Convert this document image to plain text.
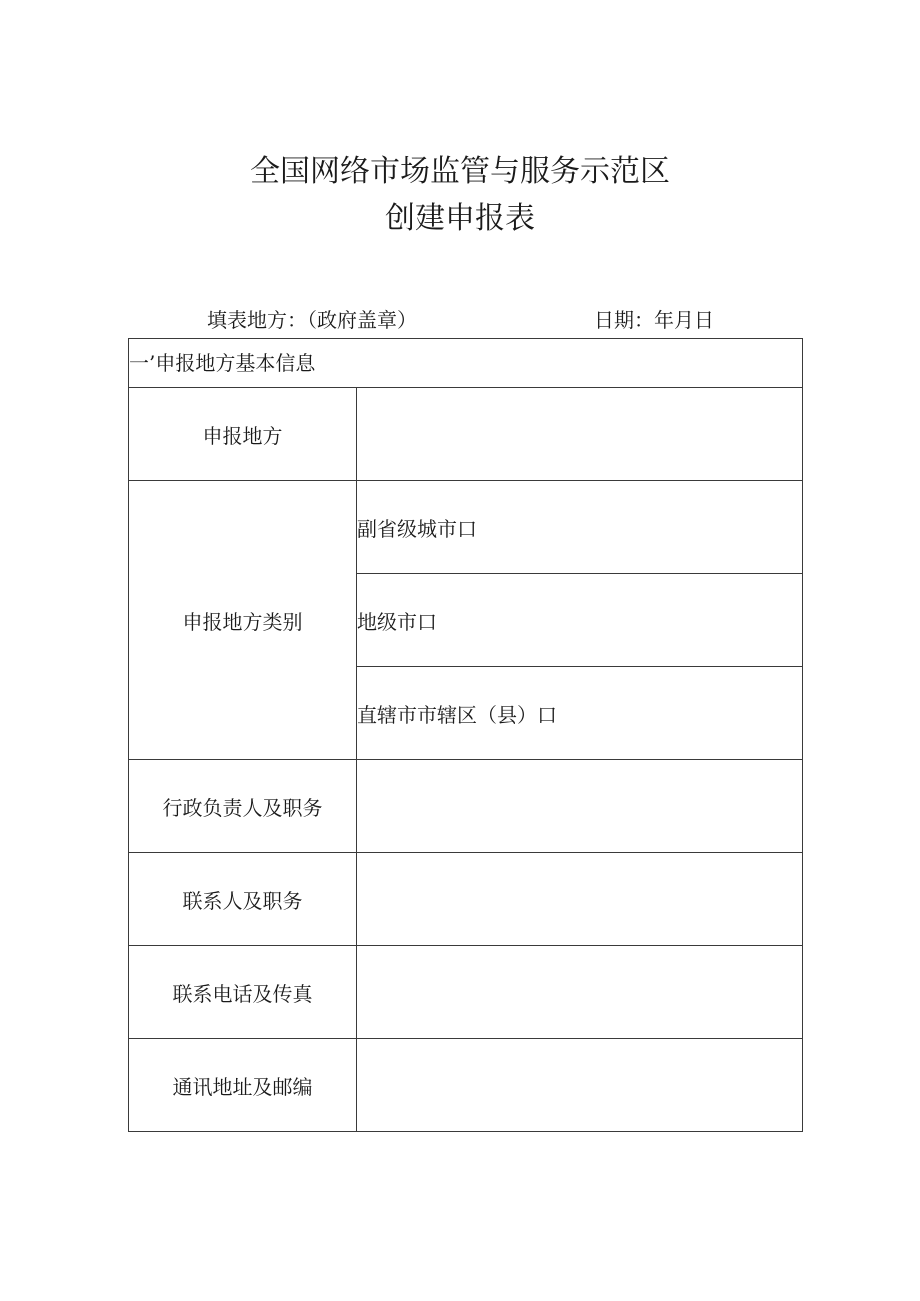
全国网络市场监管与服务示范区
创建申报表
填表地方：（政府盖章）	日期：年月日
一’申报地方基本信息	
申报地方	
申报地方类别	副省级城市口
	地级市口
	直辖市市辖区（县）口
行政负责人及职务	
联系人及职务	
联系电话及传真	
通讯地址及邮编	
